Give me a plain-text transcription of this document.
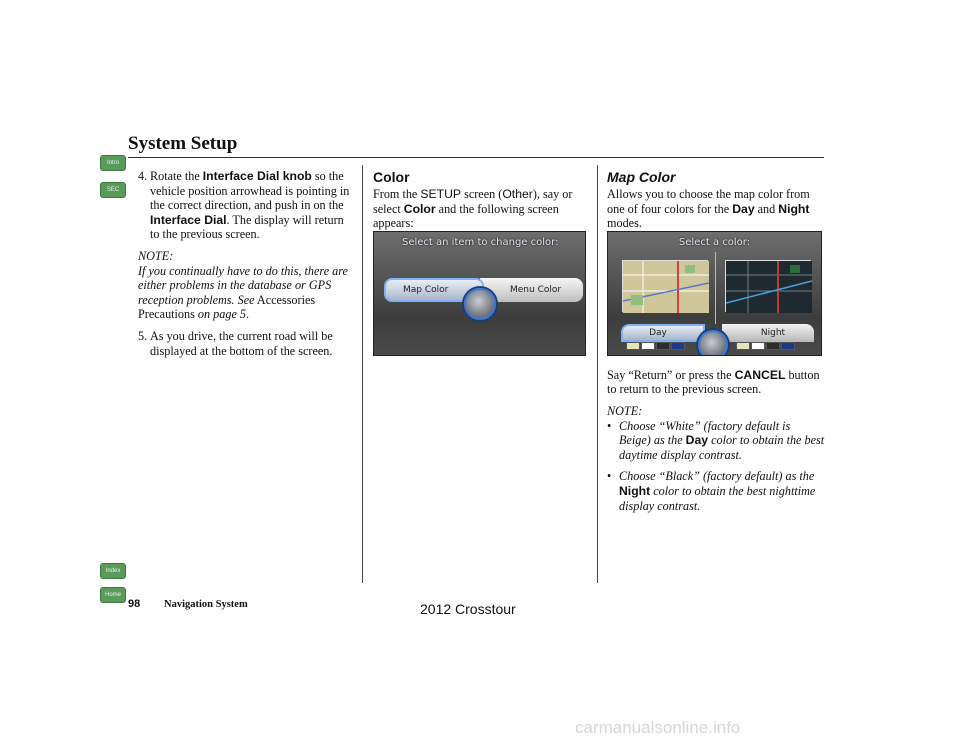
System Setup
Intro
SEC
Index
Home
4. Rotate the Interface Dial knob so the vehicle position arrowhead is pointing in the correct direction, and push in on the Interface Dial. The display will return to the previous screen.
NOTE:
If you continually have to do this, there are either problems in the database or GPS reception problems. See Accessories Precautions on page 5.
5. As you drive, the current road will be displayed at the bottom of the screen.
Color
From the SETUP screen (Other), say or select Color and the following screen appears:
Select an item to change color:
Menu Color
Map Color
Map Color
Allows you to choose the map color from one of four colors for the Day and Night modes.
Say “Return” or press the CANCEL button to return to the previous screen.
NOTE:
• Choose “White” (factory default is Beige) as the Day color to obtain the best daytime display contrast.
• Choose “Black” (factory default) as the Night color to obtain the best nighttime display contrast.
Select a color:
Night
Day
98 Navigation System	2012 Crosstour
carmanualsonline.info
